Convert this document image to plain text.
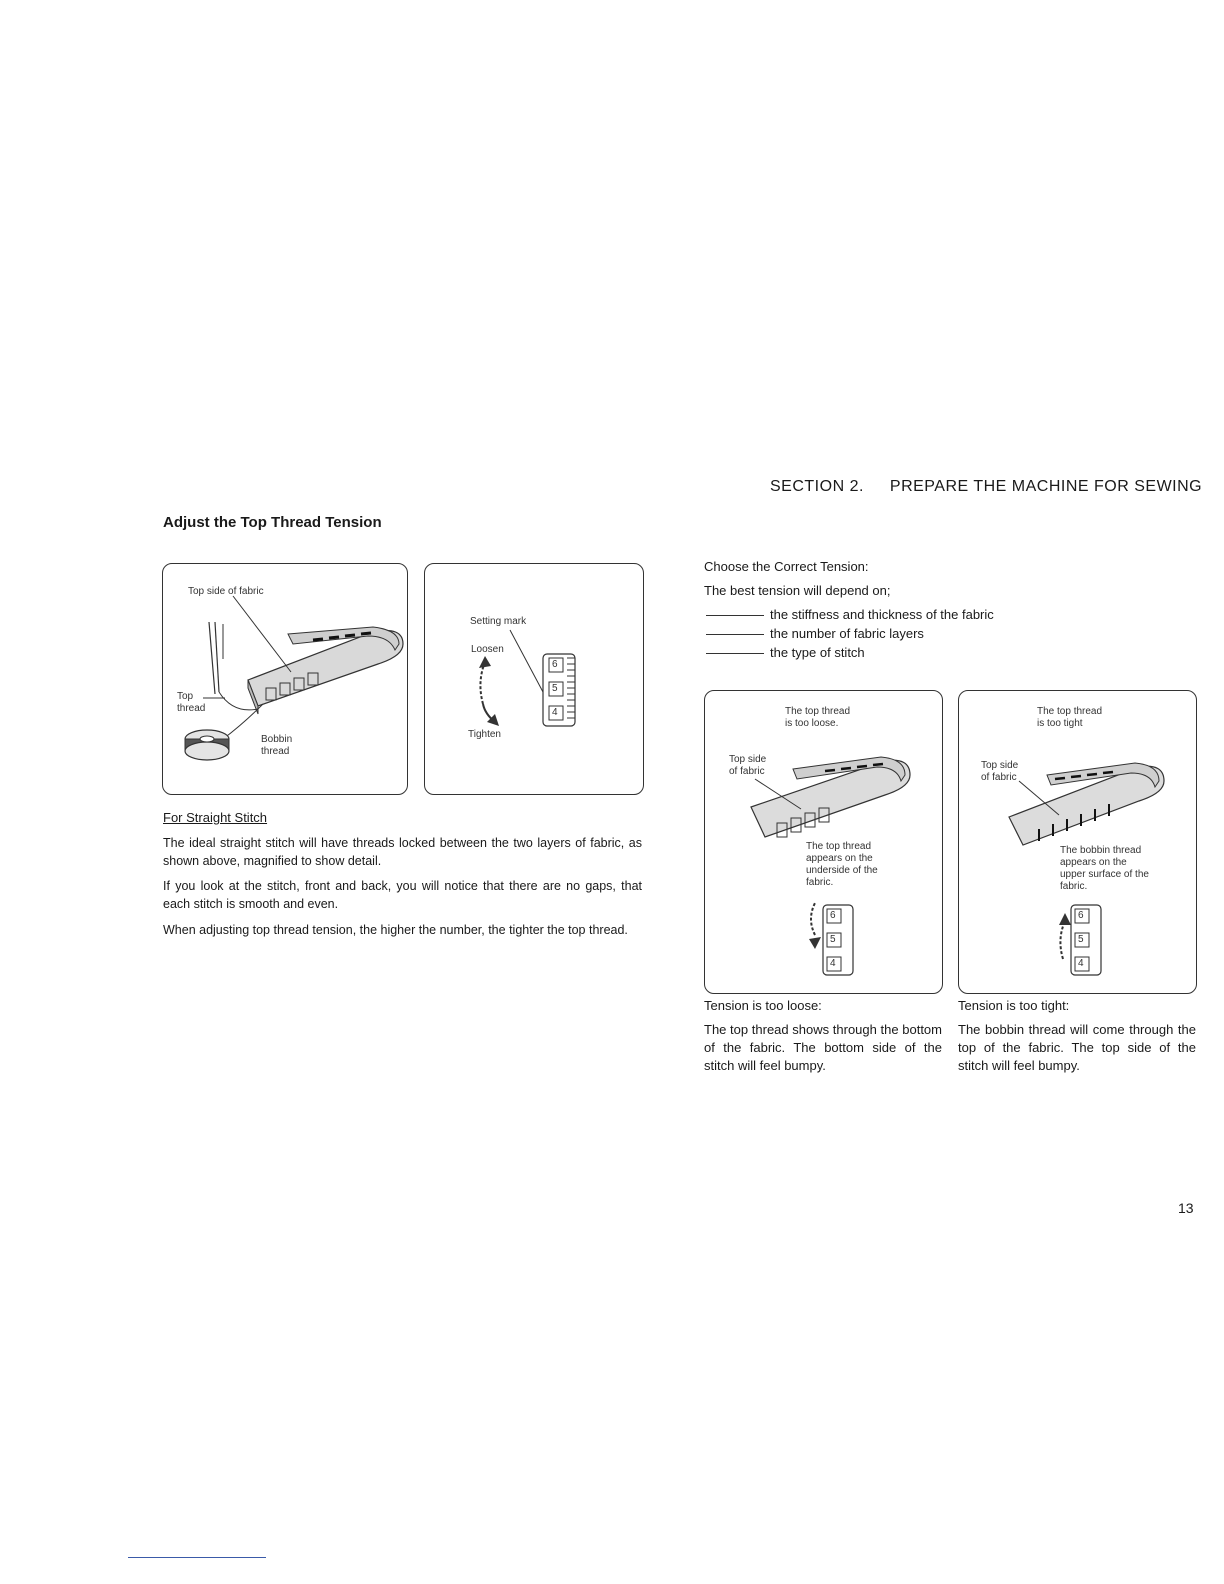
SECTION 2. PREPARE THE MACHINE FOR SEWING
Adjust the Top Thread Tension
Top side of fabric
Top
thread
Bobbin
thread
6
5
4
Setting mark
Loosen
Tighten
For Straight Stitch
The ideal straight stitch will have threads locked between the two layers of fabric, as shown above, magnified to show detail.
If you look at the stitch, front and back, you will notice that there are no gaps, that each stitch is smooth and even.
When adjusting top thread tension, the higher the number, the tighter the top thread.
Choose the Correct Tension:
The best tension will depend on;
the stiffness and thickness of the fabric
the number of fabric layers
the type of stitch
6
5
4
The top thread
is too loose.
Top side
of fabric
The top thread
appears on the
underside of the
fabric.
6
5
4
The top thread
is too tight
Top side
of fabric
The bobbin thread
appears on the
upper surface of the
fabric.
Tension is too loose:
The top thread shows through the bottom of the fabric. The bottom side of the stitch will feel bumpy.
Tension is too tight:
The bobbin thread will come through the top of the fabric. The top side of the stitch will feel bumpy.
13
